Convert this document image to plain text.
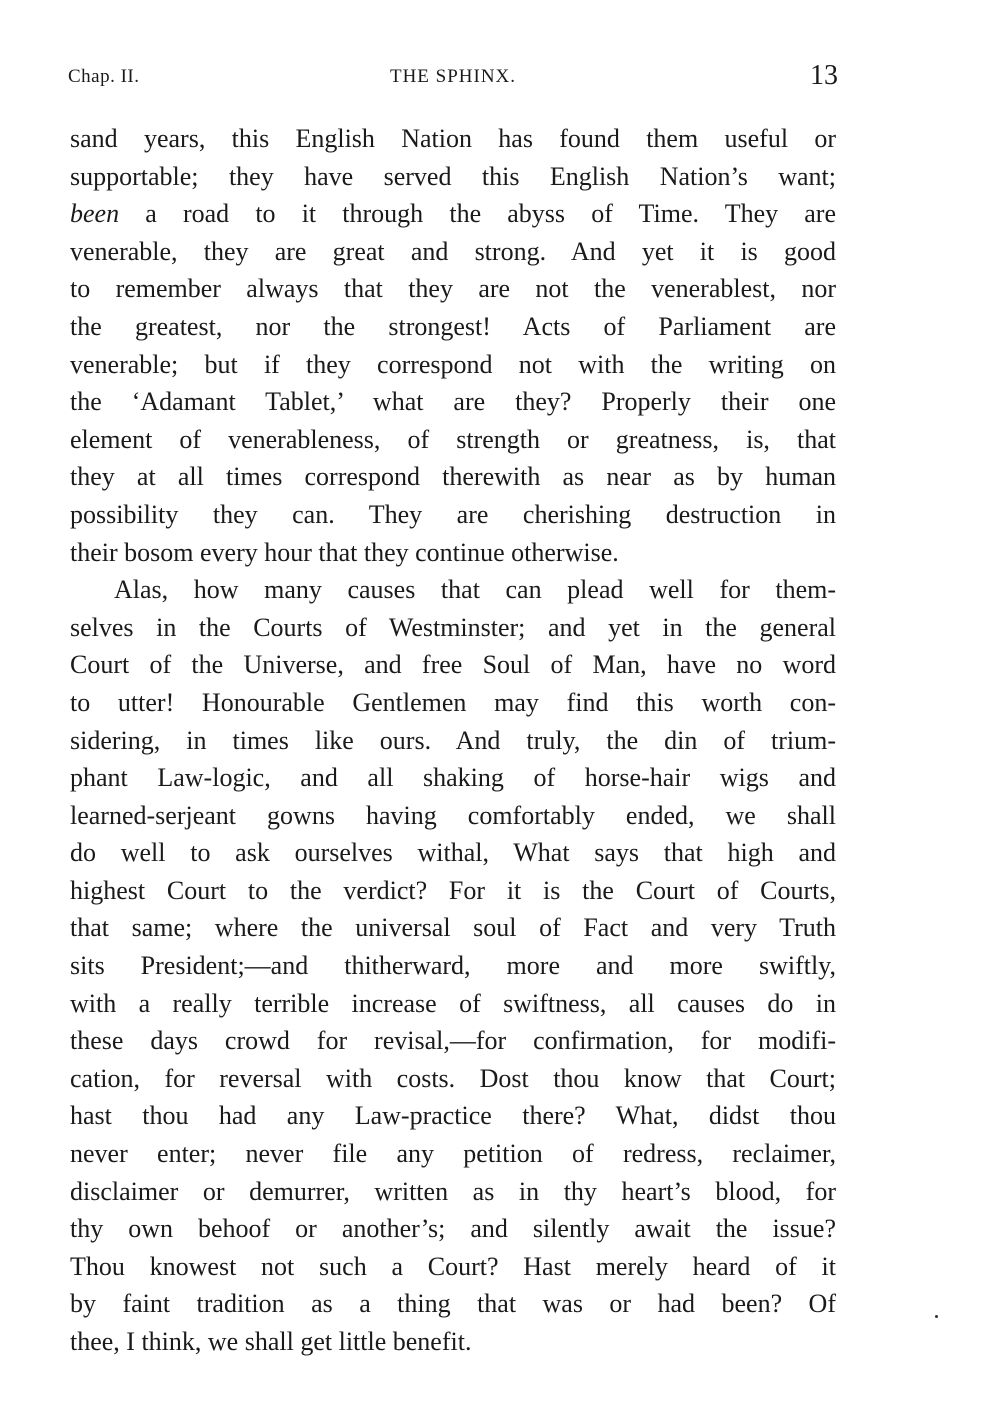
Chap. II.	THE SPHINX.	13
sand years, this English Nation has found them useful or
supportable; they have served this English Nation’s want;
been a road to it through the abyss of Time. They are
venerable, they are great and strong. And yet it is good
to remember always that they are not the venerablest, nor
the greatest, nor the strongest! Acts of Parliament are
venerable; but if they correspond not with the writing on
the ‘Adamant Tablet,’ what are they? Properly their one
element of venerableness, of strength or greatness, is, that
they at all times correspond therewith as near as by human
possibility they can. They are cherishing destruction in
their bosom every hour that they continue otherwise.
Alas, how many causes that can plead well for them-
selves in the Courts of Westminster; and yet in the general
Court of the Universe, and free Soul of Man, have no word
to utter! Honourable Gentlemen may find this worth con-
sidering, in times like ours. And truly, the din of trium-
phant Law-logic, and all shaking of horse-hair wigs and
learned-serjeant gowns having comfortably ended, we shall
do well to ask ourselves withal, What says that high and
highest Court to the verdict? For it is the Court of Courts,
that same; where the universal soul of Fact and very Truth
sits President;—and thitherward, more and more swiftly,
with a really terrible increase of swiftness, all causes do in
these days crowd for revisal,—for confirmation, for modifi-
cation, for reversal with costs. Dost thou know that Court;
hast thou had any Law-practice there? What, didst thou
never enter; never file any petition of redress, reclaimer,
disclaimer or demurrer, written as in thy heart’s blood, for
thy own behoof or another’s; and silently await the issue?
Thou knowest not such a Court? Hast merely heard of it
by faint tradition as a thing that was or had been? Of
thee, I think, we shall get little benefit.
